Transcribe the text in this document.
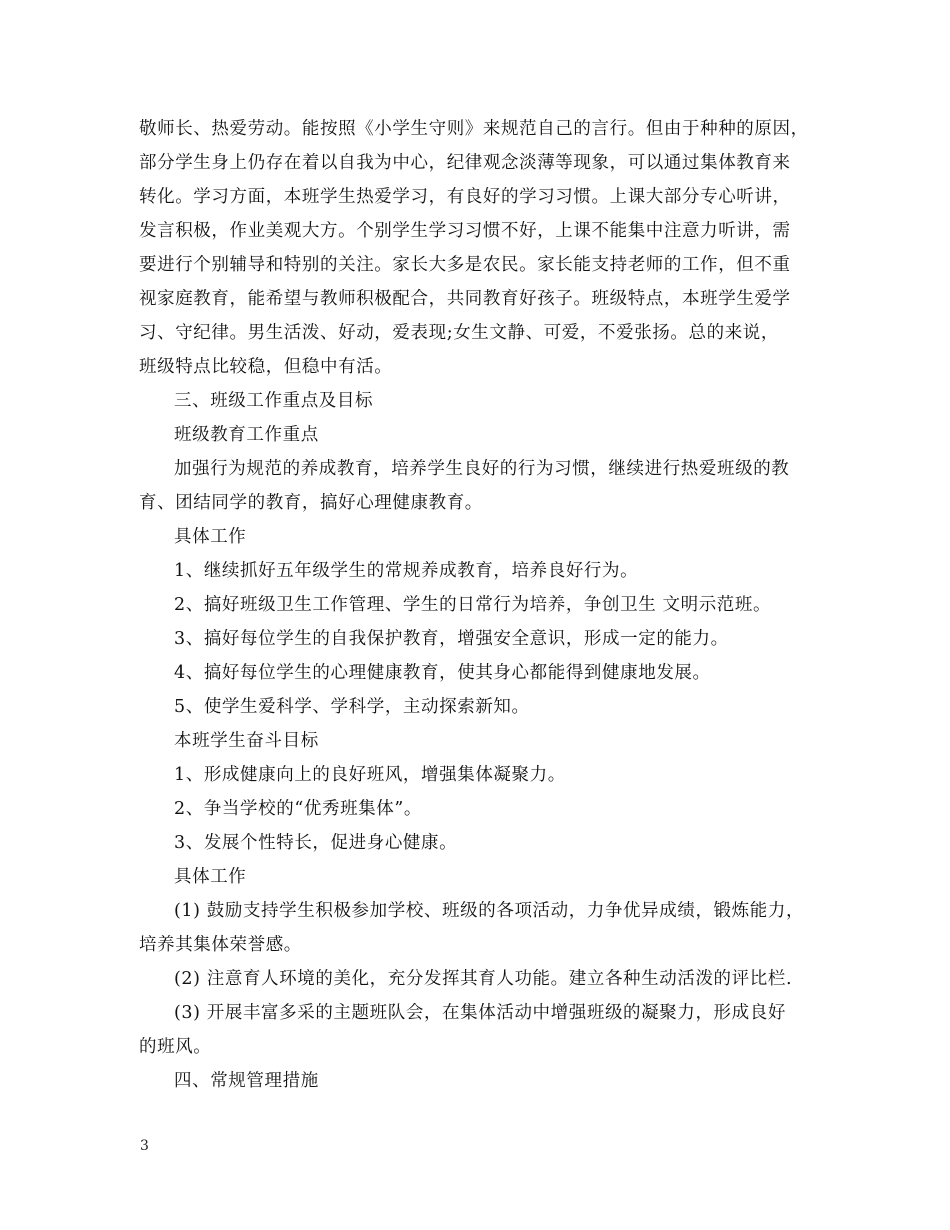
敬师长、热爱劳动。能按照《小学生守则》来规范自己的言行。但由于种种的原因，
部分学生身上仍存在着以自我为中心，纪律观念淡薄等现象，可以通过集体教育来
转化。学习方面，本班学生热爱学习，有良好的学习习惯。上课大部分专心听讲，
发言积极，作业美观大方。个别学生学习习惯不好，上课不能集中注意力听讲，需
要进行个别辅导和特别的关注。家长大多是农民。家长能支持老师的工作，但不重
视家庭教育，能希望与教师积极配合，共同教育好孩子。班级特点，本班学生爱学
习、守纪律。男生活泼、好动，爱表现;女生文静、可爱，不爱张扬。总的来说，
班级特点比较稳，但稳中有活。
三、班级工作重点及目标
班级教育工作重点
加强行为规范的养成教育，培养学生良好的行为习惯，继续进行热爱班级的教
育、团结同学的教育，搞好心理健康教育。
具体工作
1、继续抓好五年级学生的常规养成教育，培养良好行为。
2、搞好班级卫生工作管理、学生的日常行为培养，争创卫生 文明示范班。
3、搞好每位学生的自我保护教育，增强安全意识，形成一定的能力。
4、搞好每位学生的心理健康教育，使其身心都能得到健康地发展。
5、使学生爱科学、学科学，主动探索新知。
本班学生奋斗目标
1、形成健康向上的良好班风，增强集体凝聚力。
2、争当学校的“优秀班集体”。
3、发展个性特长，促进身心健康。
具体工作
(1) 鼓励支持学生积极参加学校、班级的各项活动，力争优异成绩，锻炼能力，
培养其集体荣誉感。
(2) 注意育人环境的美化，充分发挥其育人功能。建立各种生动活泼的评比栏.
(3) 开展丰富多采的主题班队会，在集体活动中增强班级的凝聚力，形成良好
的班风。
四、常规管理措施
3
